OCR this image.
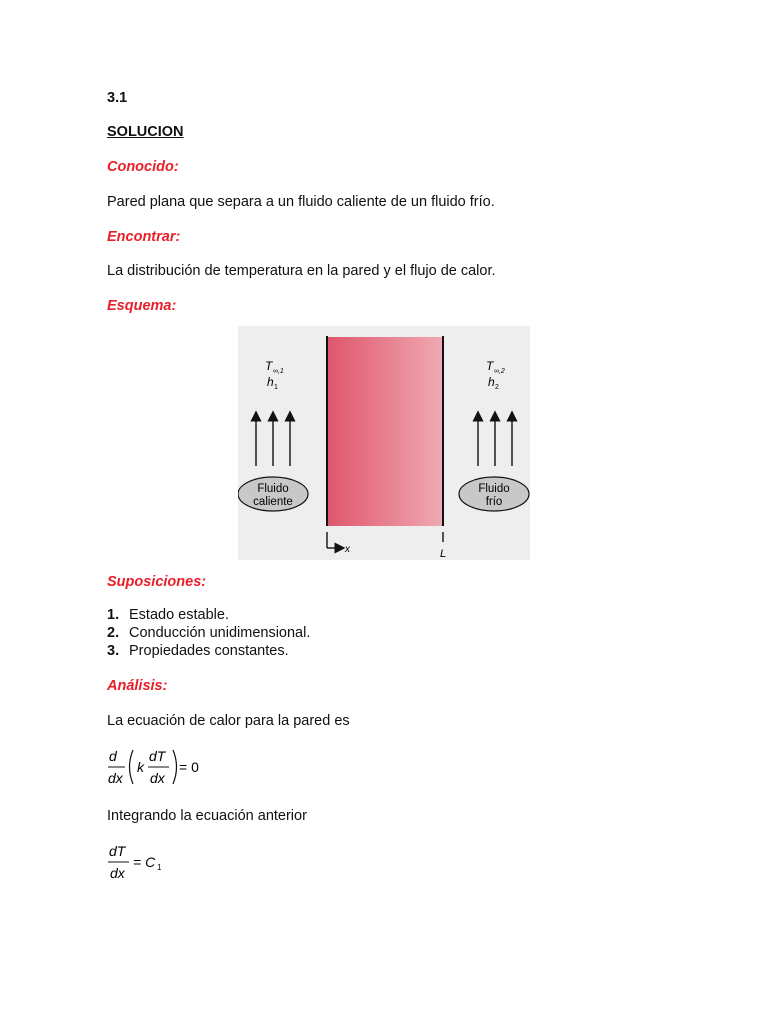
3.1
SOLUCION
Conocido:
Pared plana que separa a un fluido caliente de un fluido frío.
Encontrar:
La distribución de temperatura en la pared y el flujo de calor.
Esquema:
T ∞,1
h 1
T ∞,2
h 2
Fluido
caliente
Fluido
frío
x	L
Suposiciones:
1. Estado estable.
2. Conducción unidimensional.
3. Propiedades constantes.
Análisis:
La ecuación de calor para la pared es
d
dx
k
dT
dx
= 0
Integrando la ecuación anterior
dT
dx
= C 1
